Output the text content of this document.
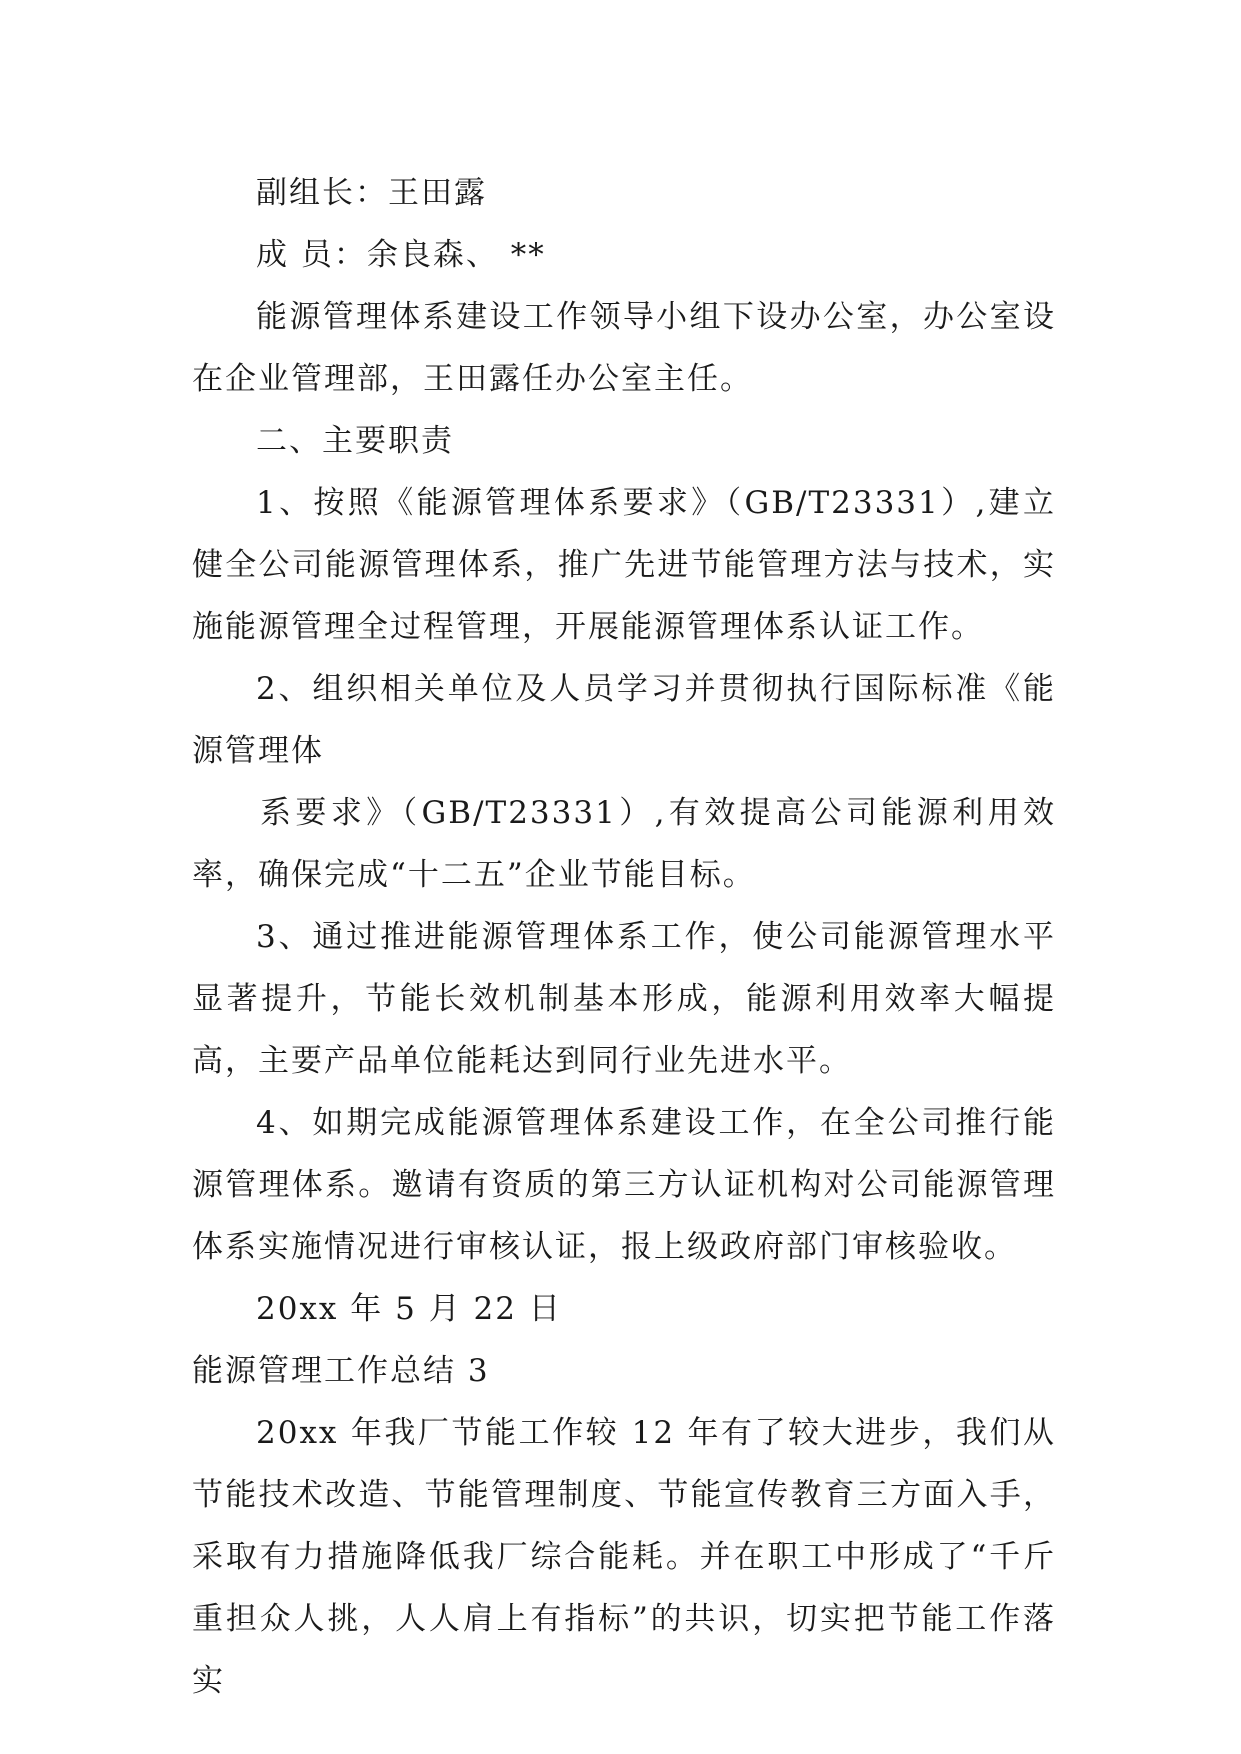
副组长：王田露

成 员：余良森、 **

能源管理体系建设工作领导小组下设办公室，办公室设在企业管理部，王田露任办公室主任。

二、主要职责

1、按照《能源管理体系要求》（GB/T23331）,建立健全公司能源管理体系，推广先进节能管理方法与技术，实施能源管理全过程管理，开展能源管理体系认证工作。

2、组织相关单位及人员学习并贯彻执行国际标准《能源管理体

系要求》（GB/T23331）,有效提高公司能源利用效率，确保完成“十二五”企业节能目标。

3、通过推进能源管理体系工作，使公司能源管理水平显著提升，节能长效机制基本形成，能源利用效率大幅提高，主要产品单位能耗达到同行业先进水平。

4、如期完成能源管理体系建设工作，在全公司推行能源管理体系。邀请有资质的第三方认证机构对公司能源管理体系实施情况进行审核认证，报上级政府部门审核验收。

20xx 年 5 月 22 日

能源管理工作总结 3

20xx 年我厂节能工作较 12 年有了较大进步，我们从节能技术改造、节能管理制度、节能宣传教育三方面入手，采取有力措施降低我厂综合能耗。并在职工中形成了“千斤重担众人挑，人人肩上有指标”的共识，切实把节能工作落实
